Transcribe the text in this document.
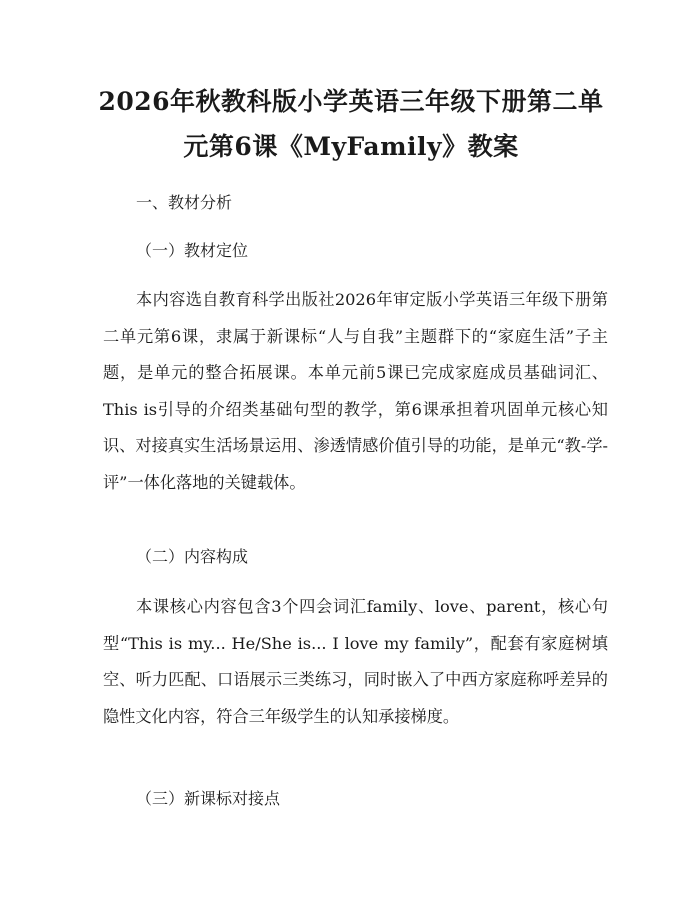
2026年秋教科版小学英语三年级下册第二单
元第6课《MyFamily》教案
一、教材分析
（一）教材定位

本内容选自教育科学出版社2026年审定版小学英语三年级下册第二单元第6课，隶属于新课标“人与自我”主题群下的“家庭生活”子主题，是单元的整合拓展课。本单元前5课已完成家庭成员基础词汇、This is引导的介绍类基础句型的教学，第6课承担着巩固单元核心知识、对接真实生活场景运用、渗透情感价值引导的功能，是单元“教-学-评”一体化落地的关键载体。

（二）内容构成

本课核心内容包含3个四会词汇family、love、parent，核心句型“This is my... He/She is... I love my family”，配套有家庭树填空、听力匹配、口语展示三类练习，同时嵌入了中西方家庭称呼差异的隐性文化内容，符合三年级学生的认知承接梯度。

（三）新课标对接点
